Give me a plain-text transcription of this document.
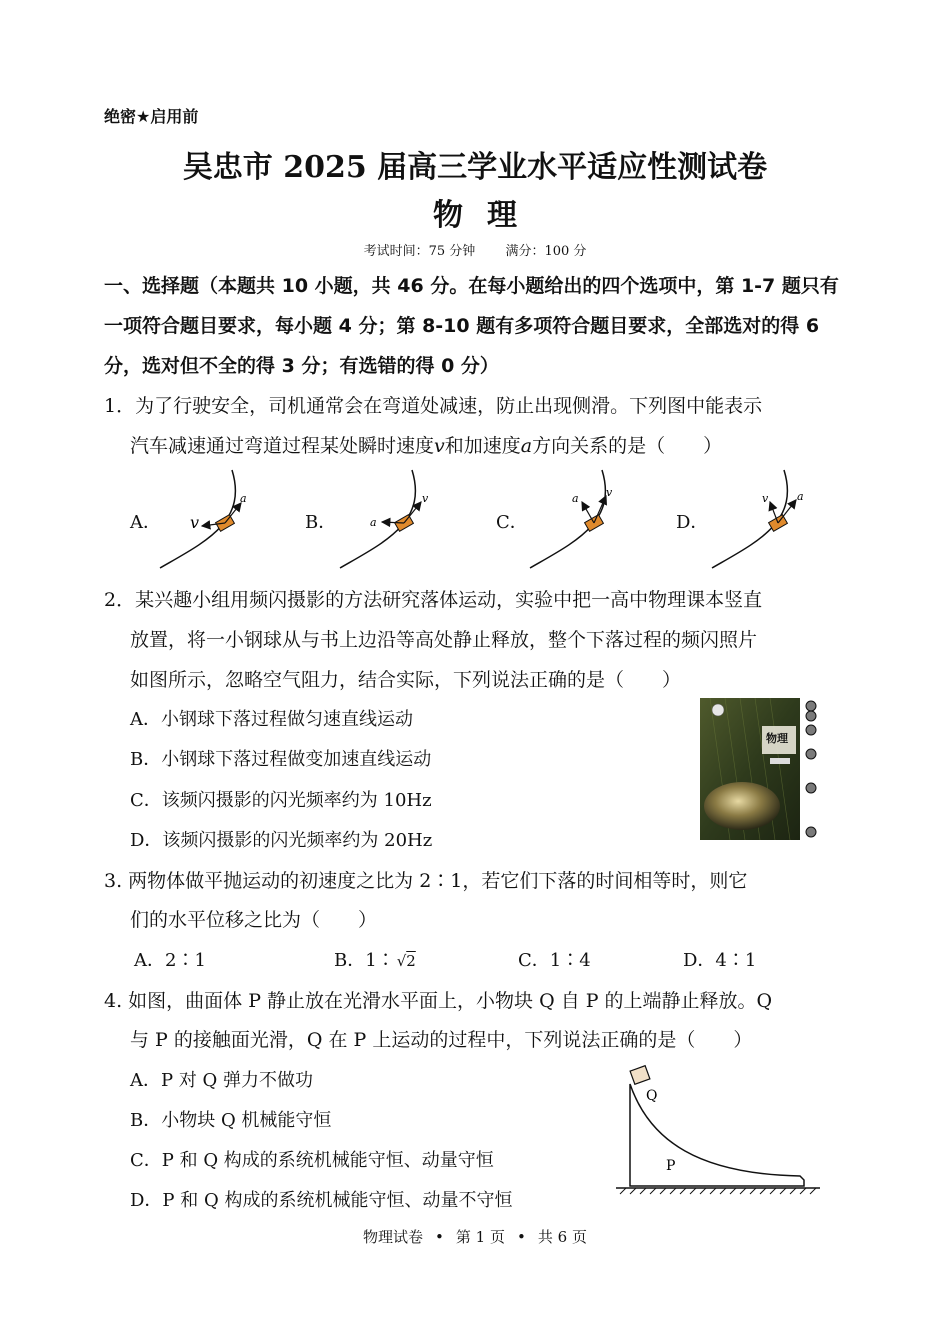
绝密★启用前
吴忠市 2025 届高三学业水平适应性测试卷
物理
考试时间：75 分钟 满分：100 分
一、选择题（本题共 10 小题，共 46 分。在每小题给出的四个选项中，第 1-7 题只有一项符合题目要求，每小题 4 分；第 8-10 题有多项符合题目要求，全部选对的得 6 分，选对但不全的得 3 分；有选错的得 0 分）
1．为了行驶安全，司机通常会在弯道处减速，防止出现侧滑。下列图中能表示
汽车减速通过弯道过程某处瞬时速度v和加速度a方向关系的是（　　）
A．	B．	C．	D．
v
a
a
v	a v	v	a
2．某兴趣小组用频闪摄影的方法研究落体运动，实验中把一高中物理课本竖直
放置，将一小钢球从与书上边沿等高处静止释放，整个下落过程的频闪照片
如图所示，忽略空气阻力，结合实际，下列说法正确的是（　　）
A．小钢球下落过程做匀速直线运动
B．小钢球下落过程做变加速直线运动
C．该频闪摄影的闪光频率约为 10Hz
D．该频闪摄影的闪光频率约为 20Hz
物理
3. 两物体做平抛运动的初速度之比为 2∶1，若它们下落的时间相等时，则它
们的水平位移之比为（　　）
A．2∶1	B．1∶ √2	C．1∶4	D．4∶1
4. 如图，曲面体 P 静止放在光滑水平面上，小物块 Q 自 P 的上端静止释放。Q
与 P 的接触面光滑，Q 在 P 上运动的过程中，下列说法正确的是（　　）
A．P 对 Q 弹力不做功
B．小物块 Q 机械能守恒
C．P 和 Q 构成的系统机械能守恒、动量守恒
D．P 和 Q 构成的系统机械能守恒、动量不守恒
Q
P
物理试卷 • 第 1 页 • 共 6 页
